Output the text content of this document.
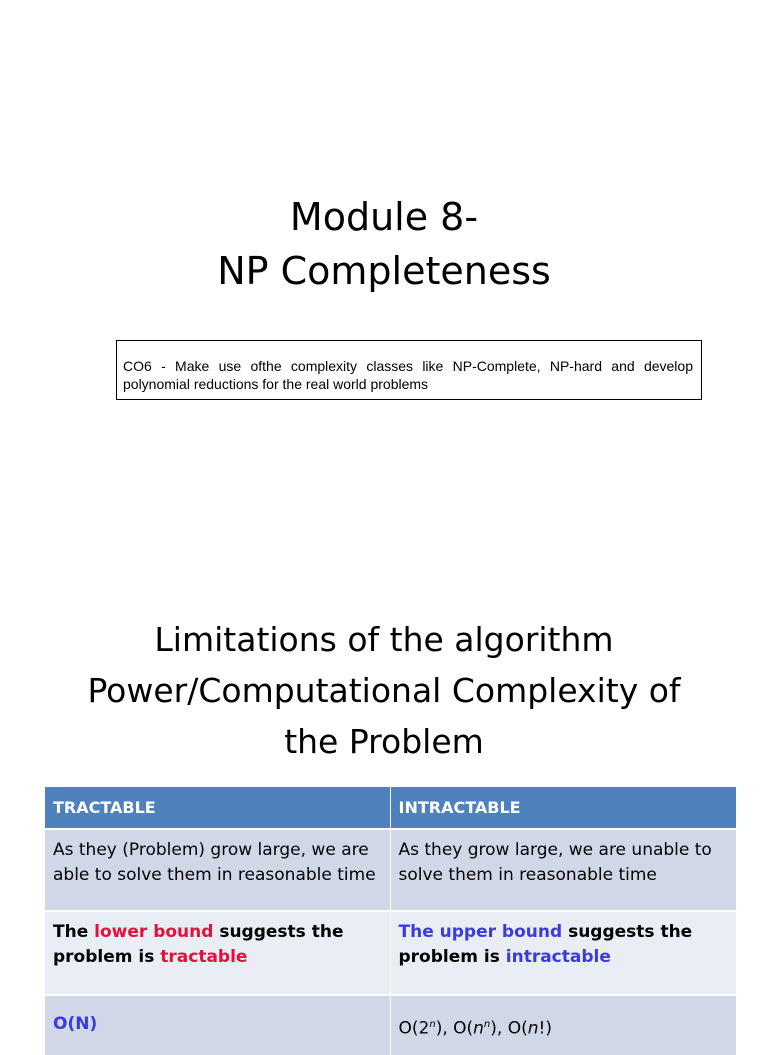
Module 8-
NP Completeness
CO6 - Make use ofthe complexity classes like NP-Complete, NP-hard and develop polynomial reductions for the real world problems
Limitations of the algorithm
Power/Computational Complexity of
the Problem
TRACTABLE	INTRACTABLE
As they (Problem) grow large, we are able to solve them in reasonable time	As they grow large, we are unable to solve them in reasonable time
The lower bound suggests the problem is tractable	The upper bound suggests the problem is intractable
O(N)	O(2$^n$), $O(n^n)$, O(n!)
